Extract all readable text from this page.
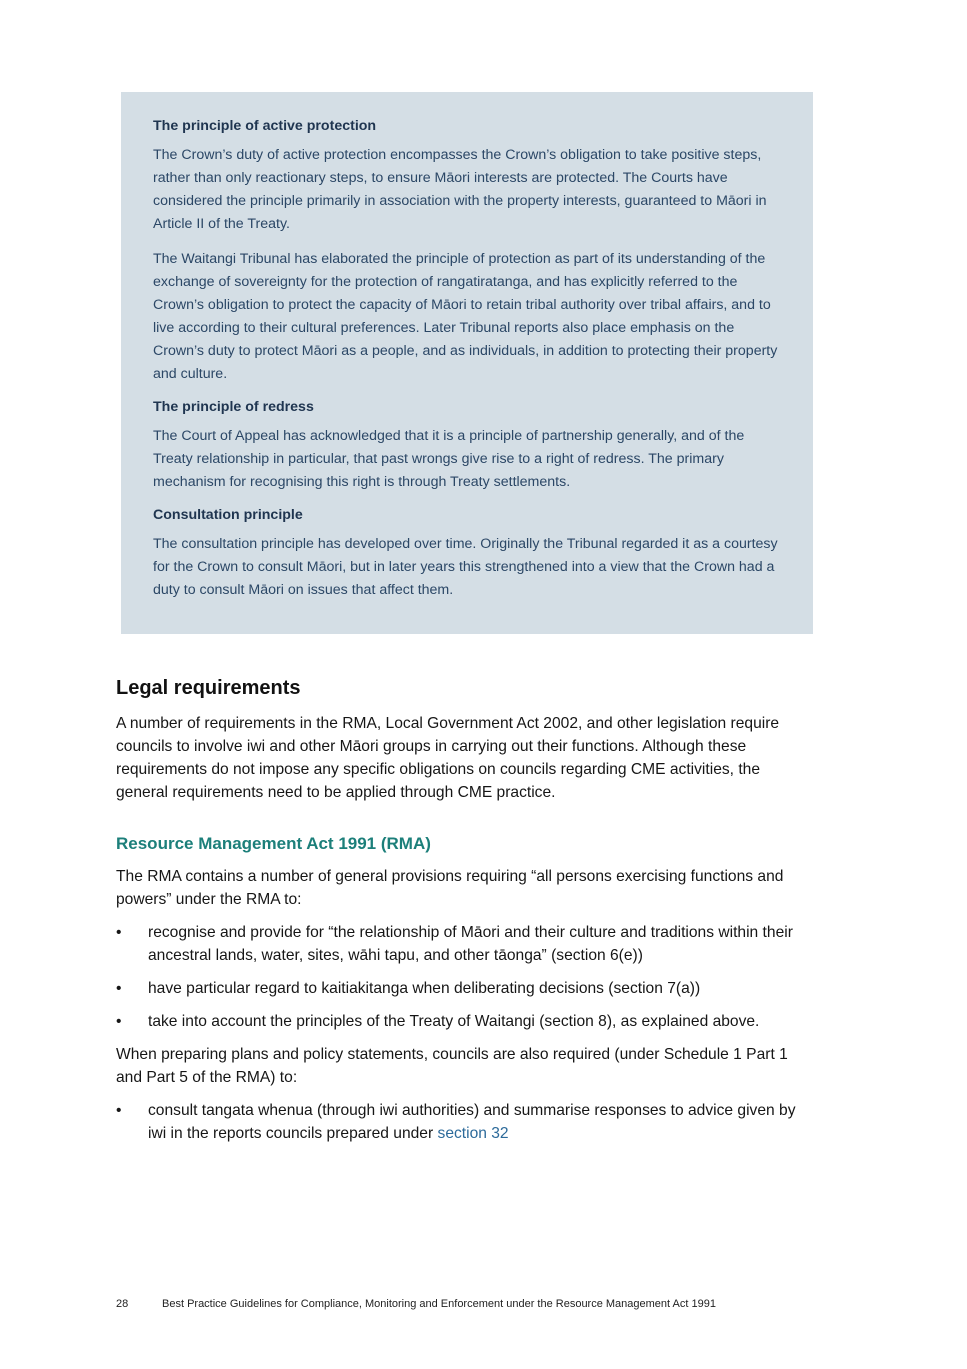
The principle of active protection

The Crown’s duty of active protection encompasses the Crown’s obligation to take positive steps, rather than only reactionary steps, to ensure Māori interests are protected. The Courts have considered the principle primarily in association with the property interests, guaranteed to Māori in Article II of the Treaty.

The Waitangi Tribunal has elaborated the principle of protection as part of its understanding of the exchange of sovereignty for the protection of rangatiratanga, and has explicitly referred to the Crown’s obligation to protect the capacity of Māori to retain tribal authority over tribal affairs, and to live according to their cultural preferences. Later Tribunal reports also place emphasis on the Crown’s duty to protect Māori as a people, and as individuals, in addition to protecting their property and culture.

The principle of redress

The Court of Appeal has acknowledged that it is a principle of partnership generally, and of the Treaty relationship in particular, that past wrongs give rise to a right of redress. The primary mechanism for recognising this right is through Treaty settlements.

Consultation principle

The consultation principle has developed over time. Originally the Tribunal regarded it as a courtesy for the Crown to consult Māori, but in later years this strengthened into a view that the Crown had a duty to consult Māori on issues that affect them.

Legal requirements

A number of requirements in the RMA, Local Government Act 2002, and other legislation require councils to involve iwi and other Māori groups in carrying out their functions. Although these requirements do not impose any specific obligations on councils regarding CME activities, the general requirements need to be applied through CME practice.

Resource Management Act 1991 (RMA)

The RMA contains a number of general provisions requiring “all persons exercising functions and powers” under the RMA to:

• recognise and provide for “the relationship of Māori and their culture and traditions within their ancestral lands, water, sites, wāhi tapu, and other tāonga” (section 6(e))
• have particular regard to kaitiakitanga when deliberating decisions (section 7(a))
• take into account the principles of the Treaty of Waitangi (section 8), as explained above.

When preparing plans and policy statements, councils are also required (under Schedule 1 Part 1 and Part 5 of the RMA) to:

• consult tangata whenua (through iwi authorities) and summarise responses to advice given by iwi in the reports councils prepared under section 32
28	Best Practice Guidelines for Compliance, Monitoring and Enforcement under the Resource Management Act 1991
